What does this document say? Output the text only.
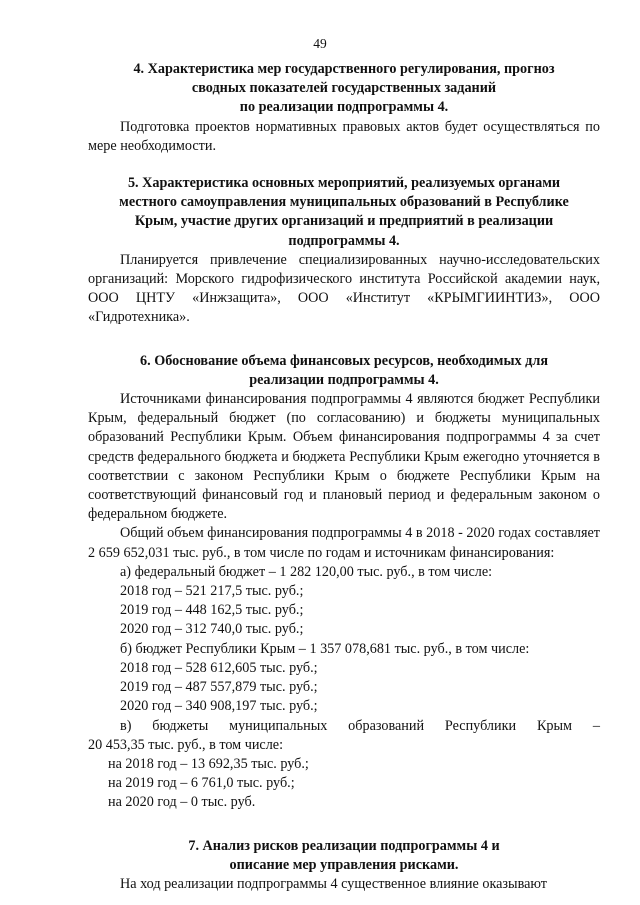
49
4. Характеристика мер государственного регулирования, прогноз
сводных показателей государственных заданий
по реализации подпрограммы 4.

Подготовка проектов нормативных правовых актов будет осуществляться по мере необходимости.

5. Характеристика основных мероприятий, реализуемых органами
местного самоуправления муниципальных образований в Республике
Крым, участие других организаций и предприятий в реализации
подпрограммы 4.

Планируется привлечение специализированных научно-исследовательских организаций: Морского гидрофизического института Российской академии наук, ООО ЦНТУ «Инжзащита», ООО «Институт «КРЫМГИИНТИЗ», ООО «Гидротехника».

6. Обоснование объема финансовых ресурсов, необходимых для
реализации подпрограммы 4.

Источниками финансирования подпрограммы 4 являются бюджет Республики Крым, федеральный бюджет (по согласованию) и бюджеты муниципальных образований Республики Крым. Объем финансирования подпрограммы 4 за счет средств федерального бюджета и бюджета Республики Крым ежегодно уточняется в соответствии с законом Республики Крым о бюджете Республики Крым на соответствующий финансовый год и плановый период и федеральным законом о федеральном бюджете.

Общий объем финансирования подпрограммы 4 в 2018 - 2020 годах составляет 2 659 652,031 тыс. руб., в том числе по годам и источникам финансирования:

а) федеральный бюджет – 1 282 120,00 тыс. руб., в том числе:
2018 год – 521 217,5 тыс. руб.;
2019 год – 448 162,5 тыс. руб.;
2020 год – 312 740,0 тыс. руб.;
б) бюджет Республики Крым – 1 357 078,681 тыс. руб., в том числе:
2018 год – 528 612,605 тыс. руб.;
2019 год – 487 557,879 тыс. руб.;
2020 год – 340 908,197 тыс. руб.;
в) бюджеты муниципальных образований Республики Крым –
20 453,35 тыс. руб., в том числе:
на 2018 год – 13 692,35 тыс. руб.;
на 2019 год – 6 761,0 тыс. руб.;
на 2020 год – 0 тыс. руб.
7. Анализ рисков реализации подпрограммы 4 и
описание мер управления рисками.

На ход реализации подпрограммы 4 существенное влияние оказывают
